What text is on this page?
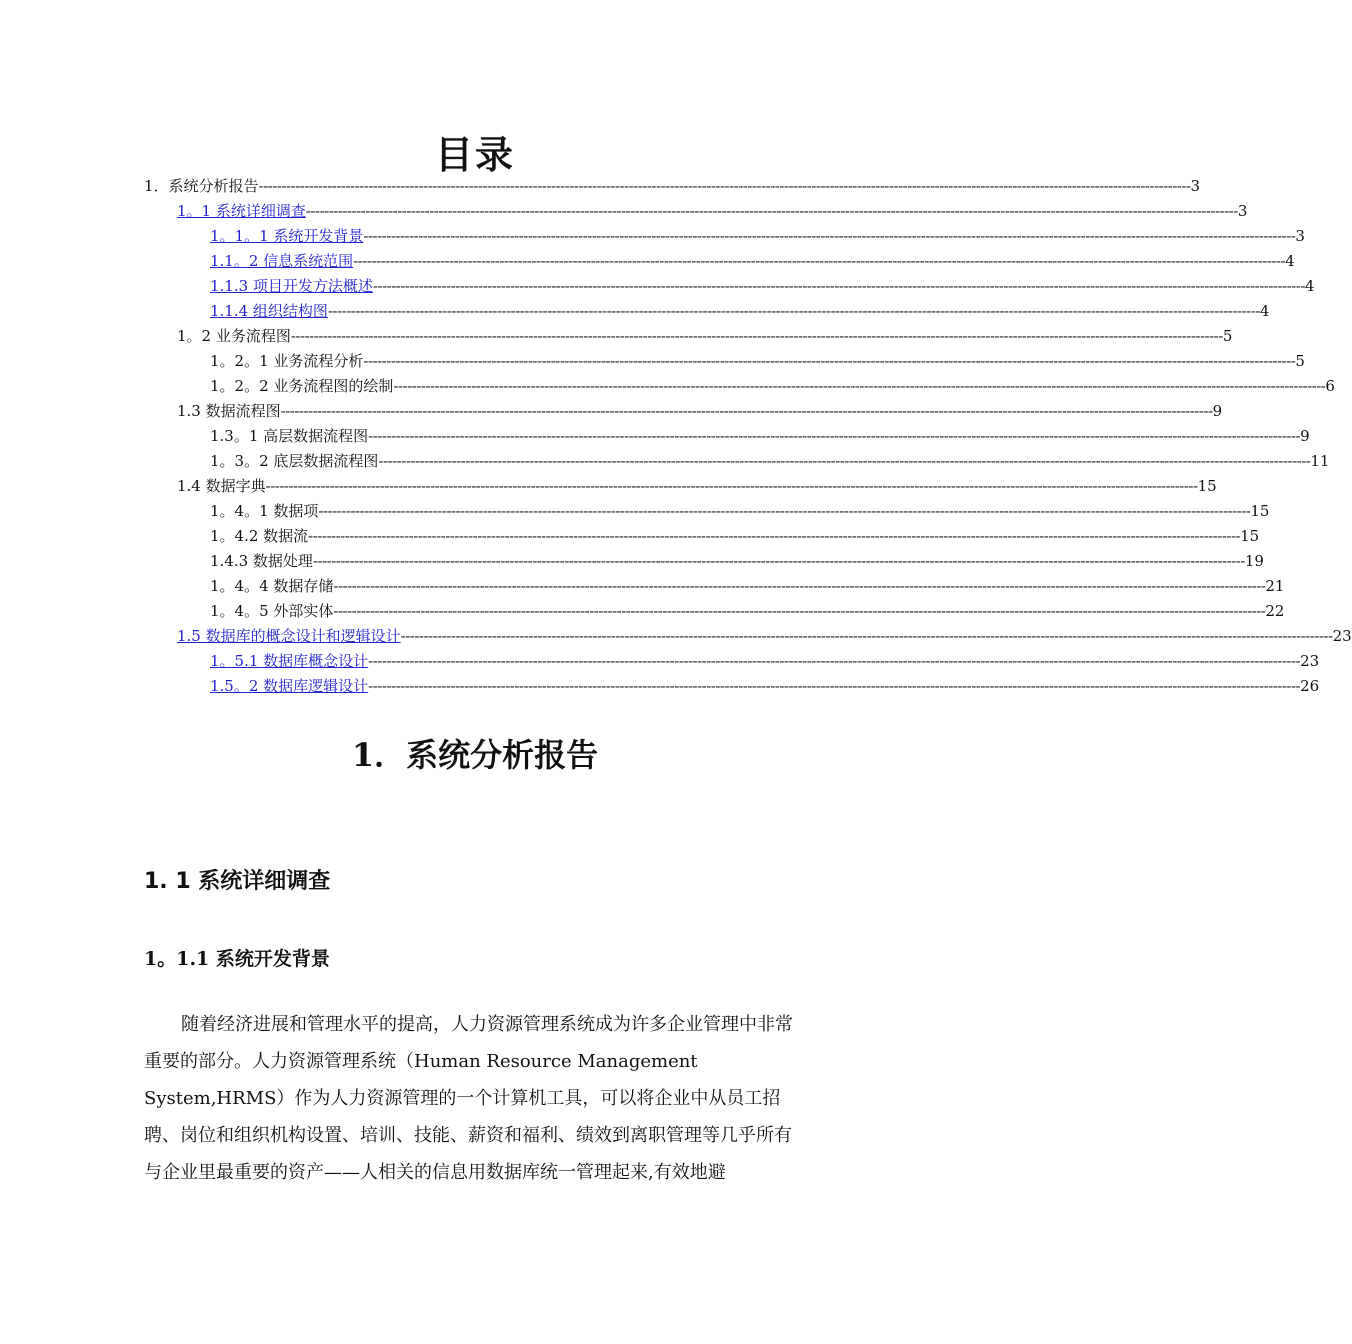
目录
1．系统分析报告 ------------------------------------------------------------------------------------------------------------------------------------------------------------------------------------------------------------ 3
1。1 系统详细调查 ------------------------------------------------------------------------------------------------------------------------------------------------------------------------------------------------------------ 3
1。1。1 系统开发背景 ------------------------------------------------------------------------------------------------------------------------------------------------------------------------------------------------------------ 3
1.1。2 信息系统范围 ------------------------------------------------------------------------------------------------------------------------------------------------------------------------------------------------------------ 4
1.1.3 项目开发方法概述 ------------------------------------------------------------------------------------------------------------------------------------------------------------------------------------------------------------ 4
1.1.4 组织结构图 ------------------------------------------------------------------------------------------------------------------------------------------------------------------------------------------------------------ 4
1。2 业务流程图 ------------------------------------------------------------------------------------------------------------------------------------------------------------------------------------------------------------ 5
1。2。1 业务流程分析 ------------------------------------------------------------------------------------------------------------------------------------------------------------------------------------------------------------ 5
1。2。2 业务流程图的绘制 ------------------------------------------------------------------------------------------------------------------------------------------------------------------------------------------------------------ 6
1.3 数据流程图 ------------------------------------------------------------------------------------------------------------------------------------------------------------------------------------------------------------ 9
1.3。1 高层数据流程图 ------------------------------------------------------------------------------------------------------------------------------------------------------------------------------------------------------------ 9
1。3。2 底层数据流程图 ------------------------------------------------------------------------------------------------------------------------------------------------------------------------------------------------------------ 11
1.4 数据字典 ------------------------------------------------------------------------------------------------------------------------------------------------------------------------------------------------------------ 15
1。4。1 数据项 ------------------------------------------------------------------------------------------------------------------------------------------------------------------------------------------------------------ 15
1。4.2 数据流 ------------------------------------------------------------------------------------------------------------------------------------------------------------------------------------------------------------ 15
1.4.3 数据处理 ------------------------------------------------------------------------------------------------------------------------------------------------------------------------------------------------------------ 19
1。4。4 数据存储 ------------------------------------------------------------------------------------------------------------------------------------------------------------------------------------------------------------ 21
1。4。5 外部实体 ------------------------------------------------------------------------------------------------------------------------------------------------------------------------------------------------------------ 22
1.5 数据库的概念设计和逻辑设计 ------------------------------------------------------------------------------------------------------------------------------------------------------------------------------------------------------------ 23
1。5.1 数据库概念设计 ------------------------------------------------------------------------------------------------------------------------------------------------------------------------------------------------------------ 23
1.5。2 数据库逻辑设计 ------------------------------------------------------------------------------------------------------------------------------------------------------------------------------------------------------------ 26
1．系统分析报告
1. 1 系统详细调查
1。1.1 系统开发背景

随着经济进展和管理水平的提高，人力资源管理系统成为许多企业管理中非常重要的部分。人力资源管理系统（Human Resource Management System,HRMS）作为人力资源管理的一个计算机工具，可以将企业中从员工招聘、岗位和组织机构设置、培训、技能、薪资和福利、绩效到离职管理等几乎所有与企业里最重要的资产——人相关的信息用数据库统一管理起来,有效地避
